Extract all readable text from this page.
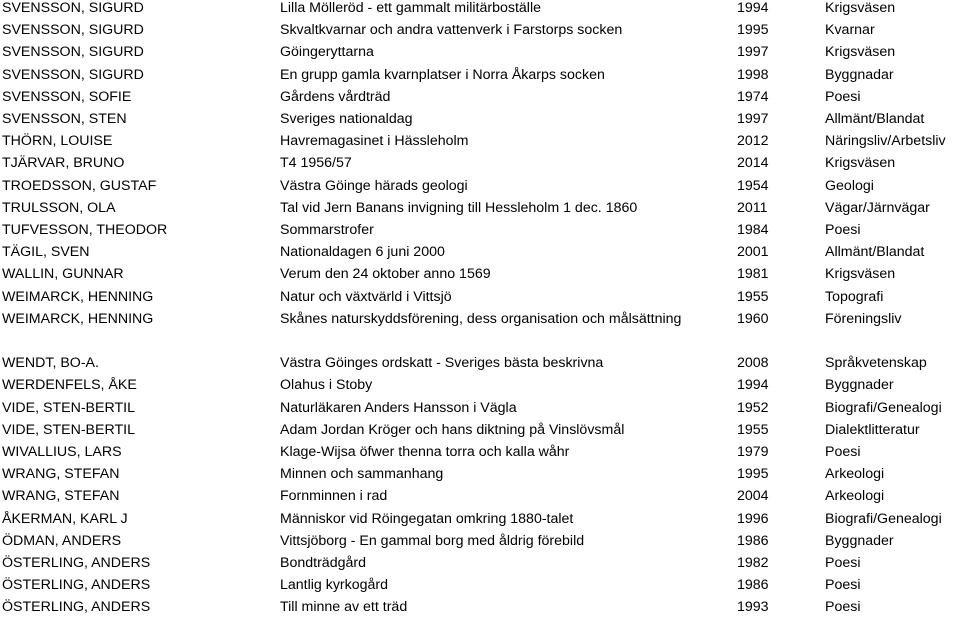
SVENSSON, SIGURD	Lilla Mölleröd - ett gammalt militärboställe	1994	Krigsväsen
SVENSSON, SIGURD	Skvaltkvarnar och andra vattenverk i Farstorps socken	1995	Kvarnar
SVENSSON, SIGURD	Göingeryttarna	1997	Krigsväsen
SVENSSON, SIGURD	En grupp gamla kvarnplatser i Norra Åkarps socken	1998	Byggnadar
SVENSSON, SOFIE	Gårdens vårdträd	1974	Poesi
SVENSSON, STEN	Sveriges nationaldag	1997	Allmänt/Blandat
THÖRN, LOUISE	Havremagasinet i Hässleholm	2012	Näringsliv/Arbetsliv
TJÄRVAR, BRUNO	T4 1956/57	2014	Krigsväsen
TROEDSSON, GUSTAF	Västra Göinge härads geologi	1954	Geologi
TRULSSON, OLA	Tal vid Jern Banans invigning till Hessleholm 1 dec. 1860	2011	Vägar/Järnvägar
TUFVESSON, THEODOR	Sommarstrofer	1984	Poesi
TÄGIL, SVEN	Nationaldagen 6 juni 2000	2001	Allmänt/Blandat
WALLIN, GUNNAR	Verum den 24 oktober anno 1569	1981	Krigsväsen
WEIMARCK, HENNING	Natur och växtvärld i Vittsjö	1955	Topografi
WEIMARCK, HENNING	Skånes naturskyddsförening, dess organisation och målsättning	1960	Föreningsliv
WENDT, BO-A.	Västra Göinges ordskatt - Sveriges bästa beskrivna	2008	Språkvetenskap
WERDENFELS, ÅKE	Olahus i Stoby	1994	Byggnader
VIDE, STEN-BERTIL	Naturläkaren Anders Hansson i Vägla	1952	Biografi/Genealogi
VIDE, STEN-BERTIL	Adam Jordan Kröger och hans diktning på Vinslövsmål	1955	Dialektlitteratur
WIVALLIUS, LARS	Klage-Wijsa öfwer thenna torra och kalla wåhr	1979	Poesi
WRANG, STEFAN	Minnen och sammanhang	1995	Arkeologi
WRANG, STEFAN	Fornminnen i rad	2004	Arkeologi
ÅKERMAN, KARL J	Människor vid Röingegatan omkring 1880-talet	1996	Biografi/Genealogi
ÖDMAN, ANDERS	Vittsjöborg - En gammal borg med åldrig förebild	1986	Byggnader
ÖSTERLING, ANDERS	Bondträdgård	1982	Poesi
ÖSTERLING, ANDERS	Lantlig kyrkogård	1986	Poesi
ÖSTERLING, ANDERS	Till minne av ett träd	1993	Poesi
